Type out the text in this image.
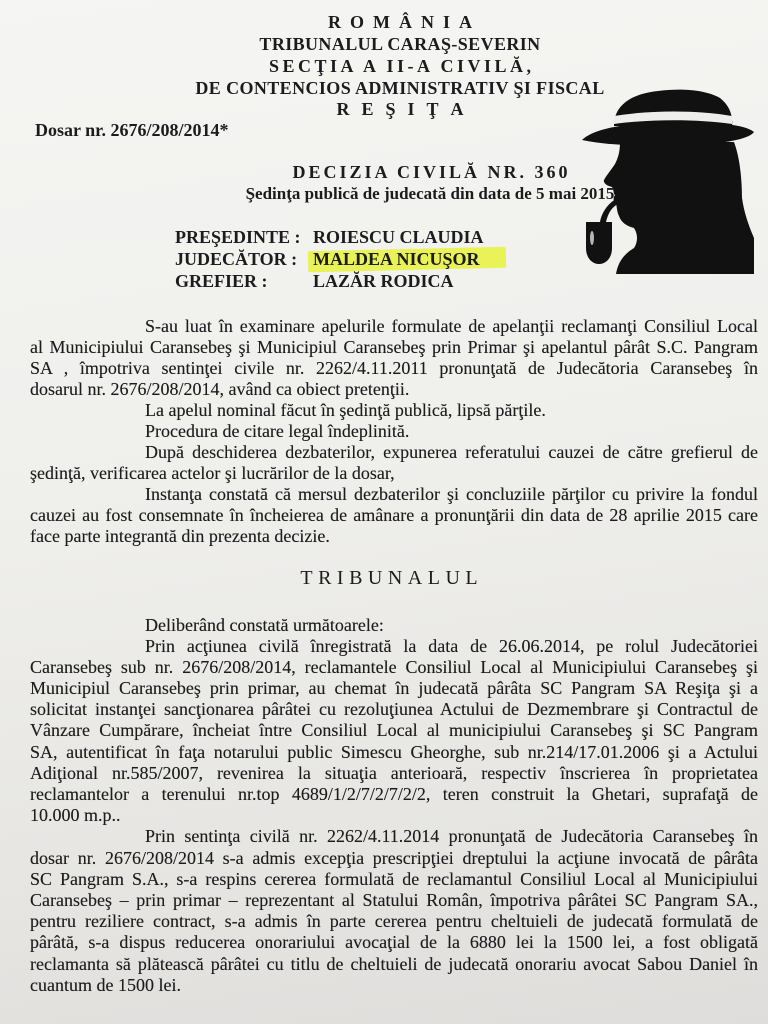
ROMÂNIA
TRIBUNALUL CARAŞ-SEVERIN
SECŢIA A II-A CIVILĂ,
DE CONTENCIOS ADMINISTRATIV ŞI FISCAL
REŞIŢA
Dosar nr. 2676/208/2014*
DECIZIA CIVILĂ NR. 360
Şedinţa publică de judecată din data de 5 mai 2015
PREŞEDINTE : ROIESCU CLAUDIA
JUDECĂTOR : MALDEA NICUŞOR
GREFIER :	LAZĂR RODICA
S-au luat în examinare apelurile formulate de apelanţii reclamanţi Consiliul Local
al Municipiului Caransebeş şi Municipiul Caransebeş prin Primar şi apelantul pârât S.C. Pangram
SA , împotriva sentinţei civile nr. 2262/4.11.2011 pronunţată de Judecătoria Caransebeş în
dosarul nr. 2676/208/2014, având ca obiect pretenţii.
La apelul nominal făcut în şedinţă publică, lipsă părţile.
Procedura de citare legal îndeplinită.
După deschiderea dezbaterilor, expunerea referatului cauzei de către grefierul de
şedinţă, verificarea actelor şi lucrărilor de la dosar,
Instanţa constată că mersul dezbaterilor şi concluziile părţilor cu privire la fondul
cauzei au fost consemnate în încheierea de amânare a pronunţării din data de 28 aprilie 2015 care
face parte integrantă din prezenta decizie.
TRIBUNALUL
Deliberând constată următoarele:
Prin acţiunea civilă înregistrată la data de 26.06.2014, pe rolul Judecătoriei
Caransebeş sub nr. 2676/208/2014, reclamantele Consiliul Local al Municipiului Caransebeş şi
Municipiul Caransebeş prin primar, au chemat în judecată pârâta SC Pangram SA Reşiţa şi a
solicitat instanţei sancţionarea pârâtei cu rezoluţiunea Actului de Dezmembrare şi Contractul de
Vânzare Cumpărare, încheiat între Consiliul Local al municipiului Caransebeş şi SC Pangram
SA, autentificat în faţa notarului public Simescu Gheorghe, sub nr.214/17.01.2006 şi a Actului
Adiţional nr.585/2007, revenirea la situaţia anterioară, respectiv înscrierea în proprietatea
reclamantelor a terenului nr.top 4689/1/2/7/2/7/2/2, teren construit la Ghetari, suprafaţă de
10.000 m.p..
Prin sentinţa civilă nr. 2262/4.11.2014 pronunţată de Judecătoria Caransebeş în
dosar nr. 2676/208/2014 s-a admis excepţia prescripţiei dreptului la acţiune invocată de pârâta
SC Pangram S.A., s-a respins cererea formulată de reclamantul Consiliul Local al Municipiului
Caransebeş – prin primar – reprezentant al Statului Român, împotriva pârâtei SC Pangram SA.,
pentru reziliere contract, s-a admis în parte cererea pentru cheltuieli de judecată formulată de
pârâtă, s-a dispus reducerea onorariului avocaţial de la 6880 lei la 1500 lei, a fost obligată
reclamanta să plătească pârâtei cu titlu de cheltuieli de judecată onorariu avocat Sabou Daniel în
cuantum de 1500 lei.
